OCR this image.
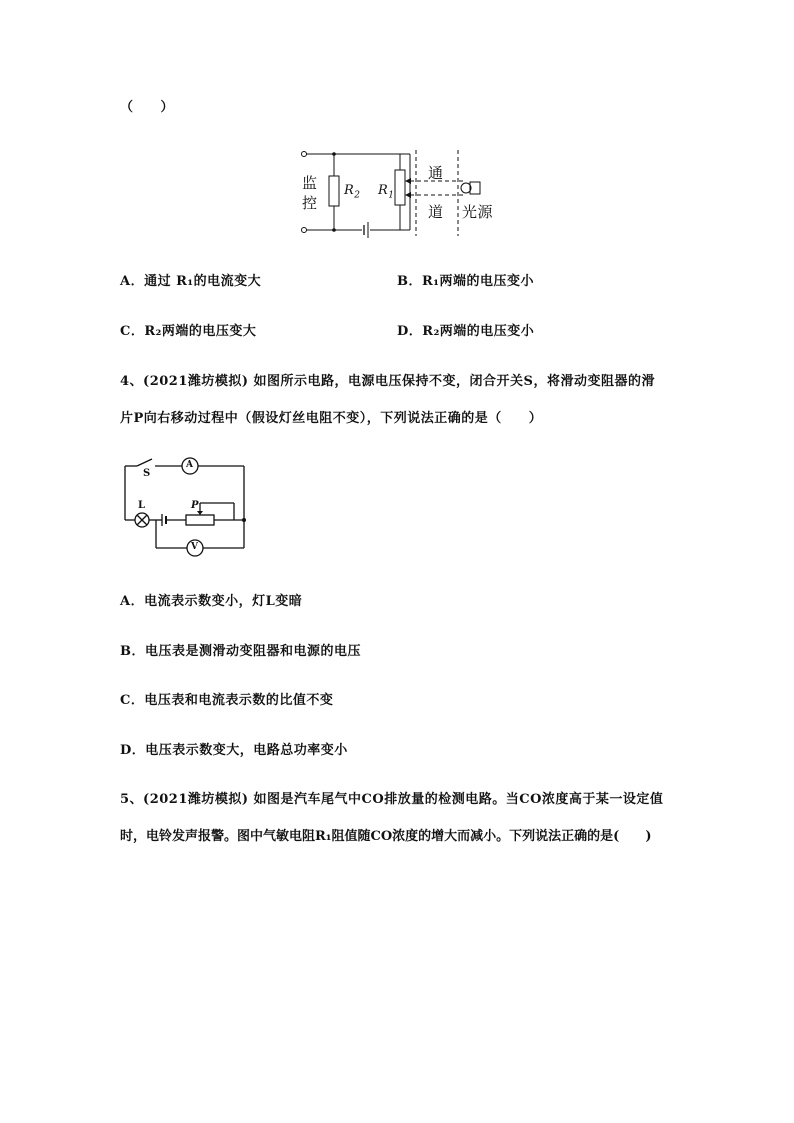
（　　）
监
控
$R_2$ $R_1$
通
道 光源
A．通过 R₁的电流变大	B．R₁两端的电压变小
C．R₂两端的电压变大	D．R₂两端的电压变小
4、(2021潍坊模拟) 如图所示电路，电源电压保持不变，闭合开关S，将滑动变阻器的滑
片P向右移动过程中（假设灯丝电阻不变），下列说法正确的是（　　）
S
A
L	P
V
A．电流表示数变小，灯L变暗
B．电压表是测滑动变阻器和电源的电压
C．电压表和电流表示数的比值不变
D．电压表示数变大，电路总功率变小
5、(2021潍坊模拟) 如图是汽车尾气中CO排放量的检测电路。当CO浓度高于某一设定值
时，电铃发声报警。图中气敏电阻R₁阻值随CO浓度的增大而减小。下列说法正确的是(　　)
